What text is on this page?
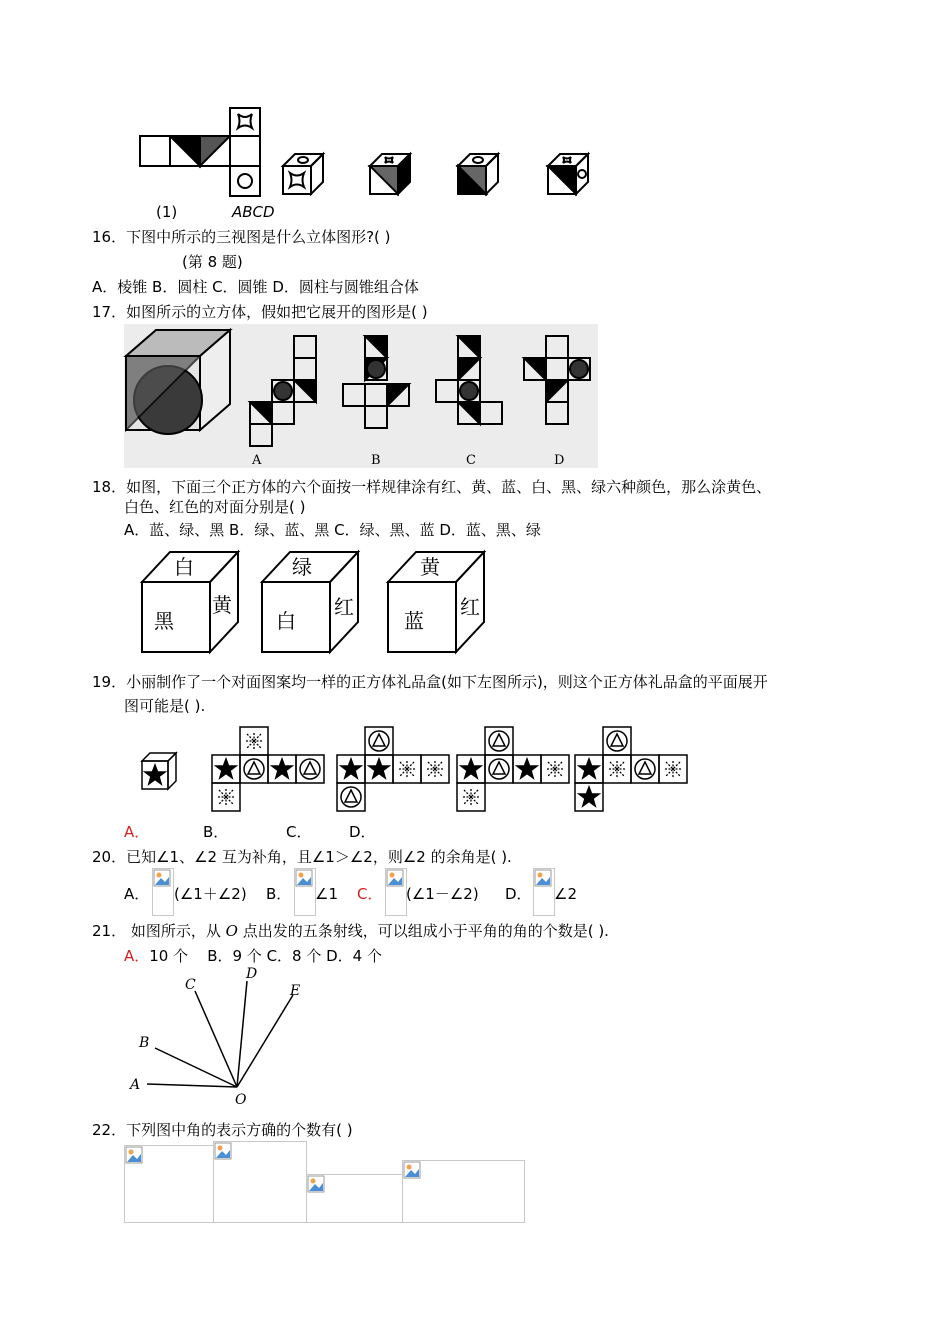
(1)	ABCD
16．下图中所示的三视图是什么立体图形?( )
(第 8 题)
A．棱锥 B．圆柱 C．圆锥 D．圆柱与圆锥组合体
17．如图所示的立方体，假如把它展开的图形是( )
A	B	C	D
18．如图，下面三个正方体的六个面按一样规律涂有红、黄、蓝、白、黑、绿六种颜色，那么涂黄色、
白色、红色的对面分别是( )
A．蓝、绿、黑 B．绿、蓝、黑 C．绿、黑、蓝 D．蓝、黑、绿
白
黑
黄
绿
白
红
黄
蓝
红
19．小丽制作了一个对面图案均一样的正方体礼品盒(如下左图所示)，则这个正方体礼品盒的平面展开
图可能是( ).
A．	B．	C．	D．
20．已知∠1、∠2 互为补角，且∠1＞∠2，则∠2 的余角是( ).
A． (∠1＋∠2) B． ∠1 C． (∠1－∠2) D． ∠2
21． 如图所示，从 O 点出发的五条射线，可以组成小于平角的角的个数是( ).
A．10 个 B．9 个 C．8 个 D．4 个
A
B
C
D
E
O
22．下列图中角的表示方确的个数有( )
